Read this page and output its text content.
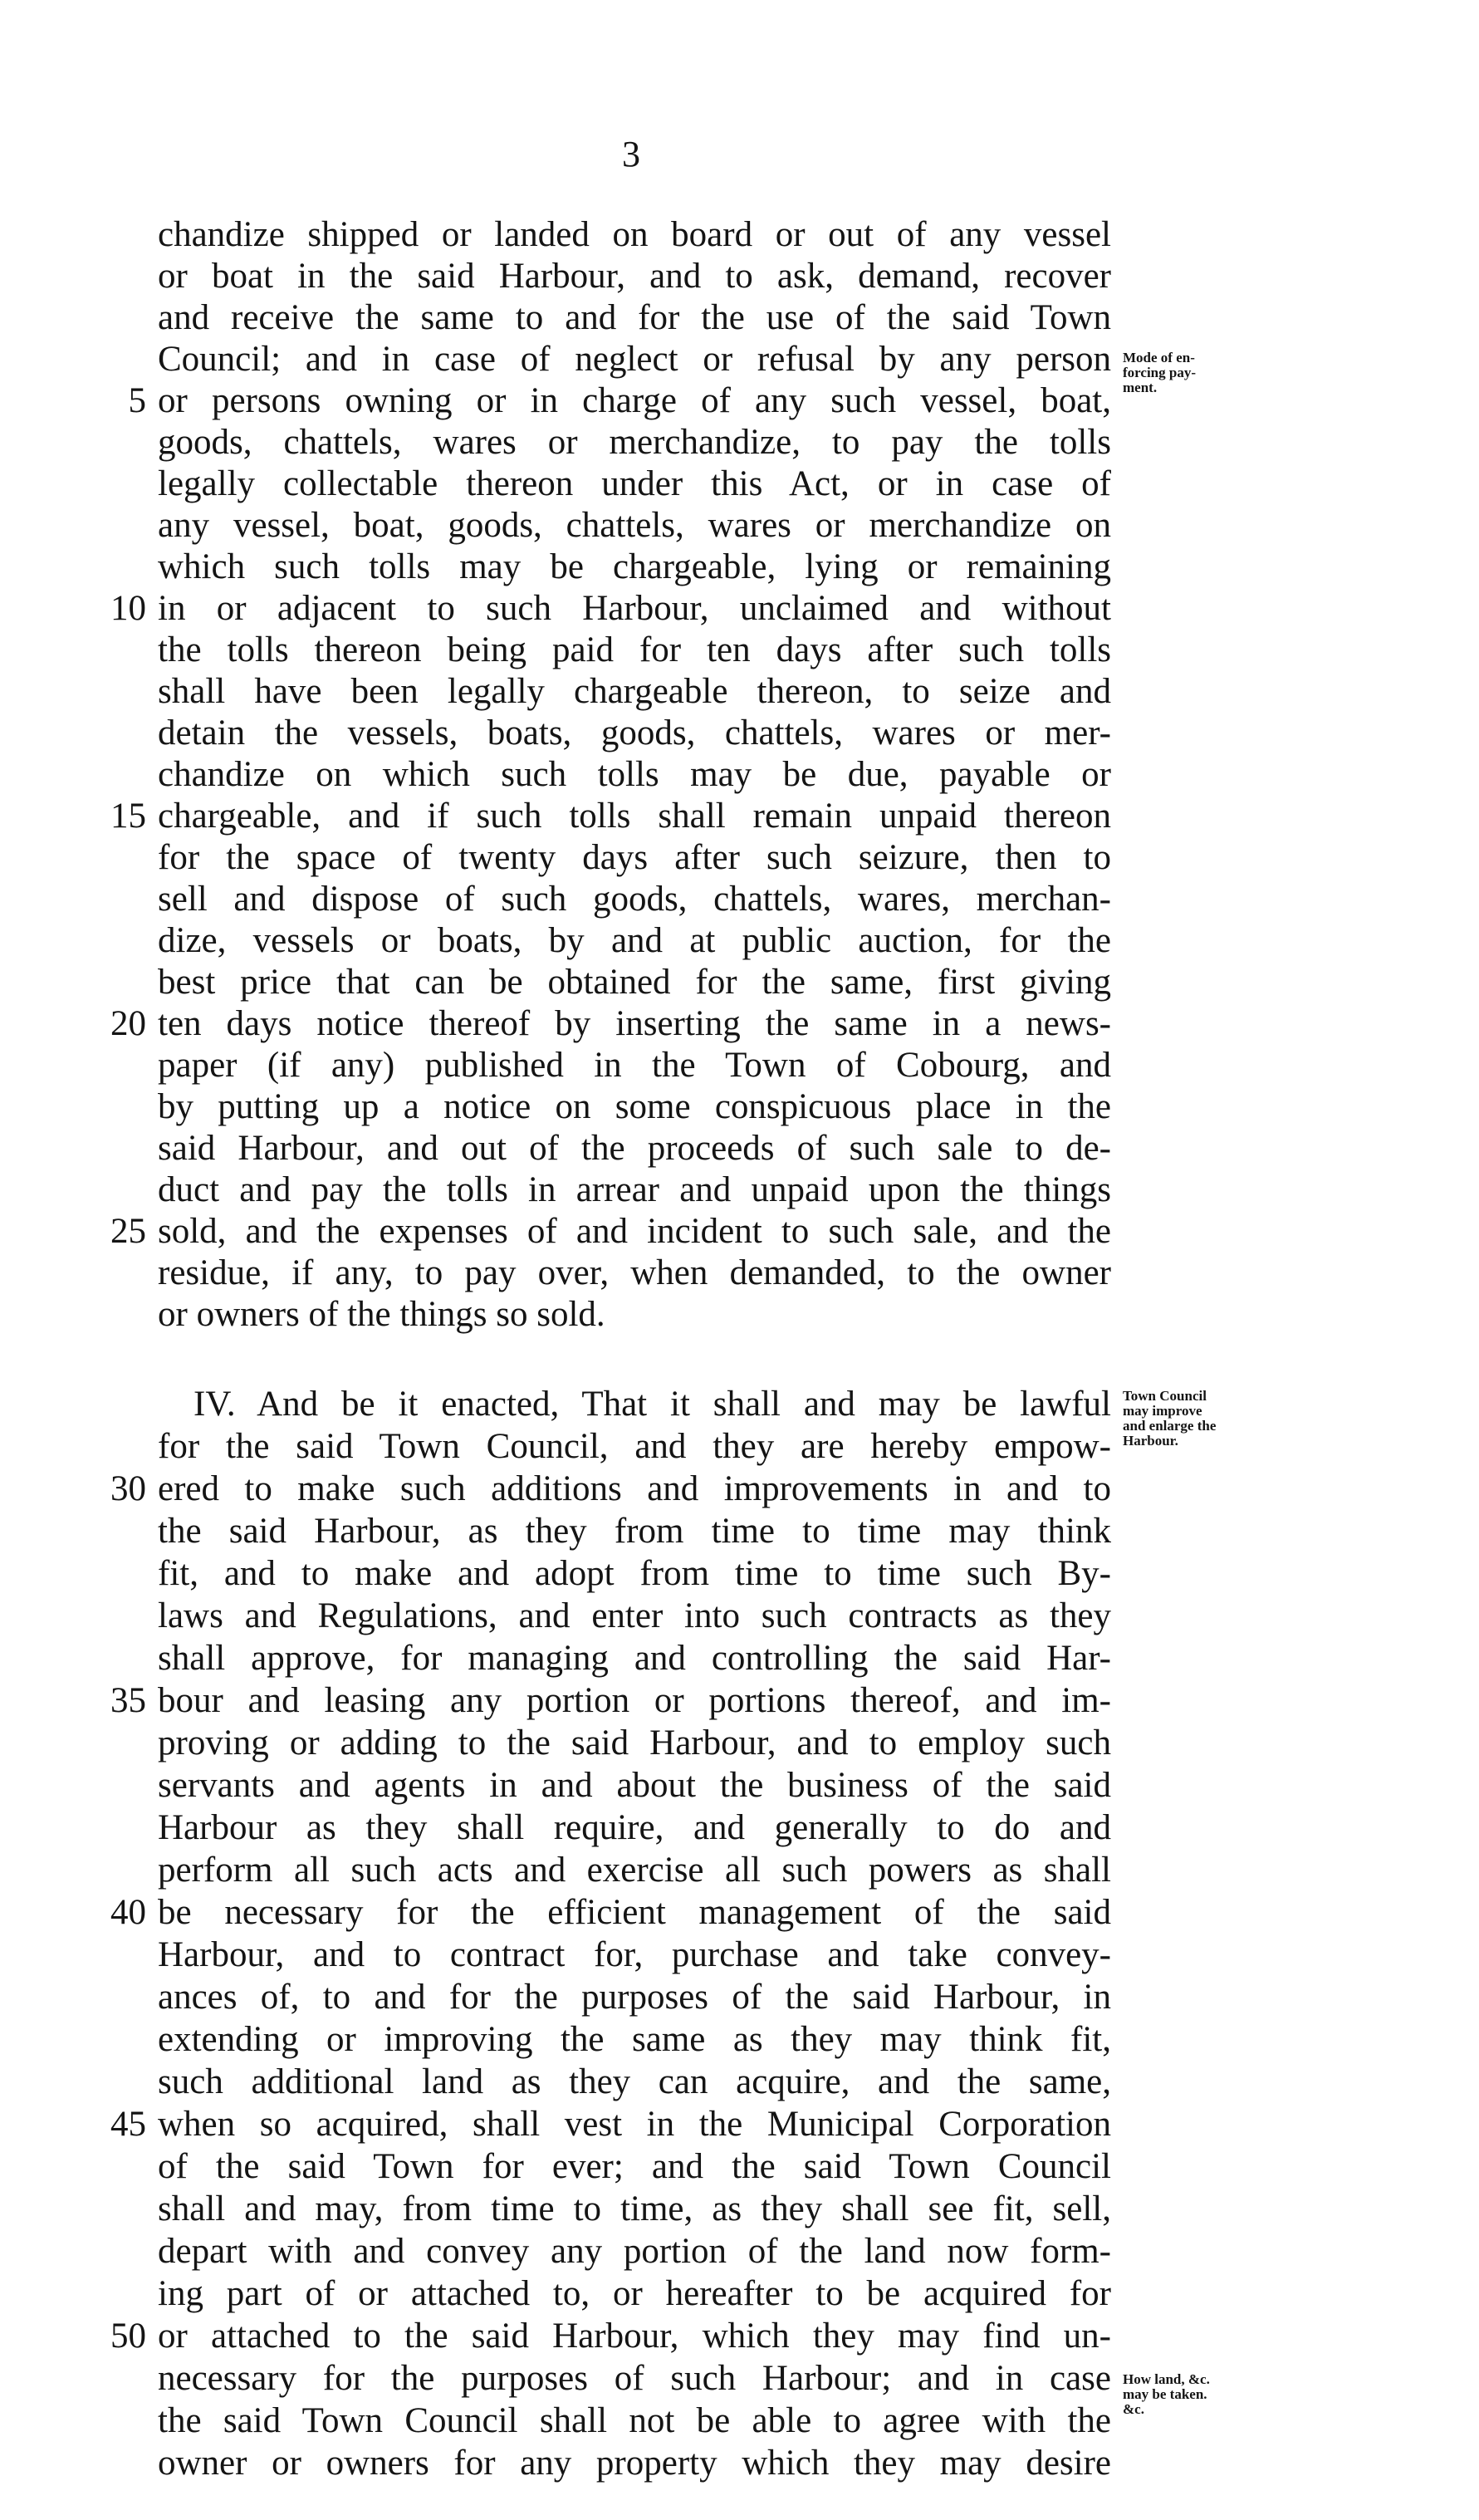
3
chandize shipped or landed on board or out of any vessel
or boat in the said Harbour, and to ask, demand, recover
and receive the same to and for the use of the said Town
Council; and in case of neglect or refusal by any person
or persons owning or in charge of any such vessel, boat,
goods, chattels, wares or merchandize, to pay the tolls
legally collectable thereon under this Act, or in case of
any vessel, boat, goods, chattels, wares or merchandize on
which such tolls may be chargeable, lying or remaining
in or adjacent to such Harbour, unclaimed and without
the tolls thereon being paid for ten days after such tolls
shall have been legally chargeable thereon, to seize and
detain the vessels, boats, goods, chattels, wares or mer-
chandize on which such tolls may be due, payable or
chargeable, and if such tolls shall remain unpaid thereon
for the space of twenty days after such seizure, then to
sell and dispose of such goods, chattels, wares, merchan-
dize, vessels or boats, by and at public auction, for the
best price that can be obtained for the same, first giving
ten days notice thereof by inserting the same in a news-
paper (if any) published in the Town of Cobourg, and
by putting up a notice on some conspicuous place in the
said Harbour, and out of the proceeds of such sale to de-
duct and pay the tolls in arrear and unpaid upon the things
sold, and the expenses of and incident to such sale, and the
residue, if any, to pay over, when demanded, to the owner
or owners of the things so sold.
IV. And be it enacted, That it shall and may be lawful
for the said Town Council, and they are hereby empow-
ered to make such additions and improvements in and to
the said Harbour, as they from time to time may think
fit, and to make and adopt from time to time such By-
laws and Regulations, and enter into such contracts as they
shall approve, for managing and controlling the said Har-
bour and leasing any portion or portions thereof, and im-
proving or adding to the said Harbour, and to employ such
servants and agents in and about the business of the said
Harbour as they shall require, and generally to do and
perform all such acts and exercise all such powers as shall
be necessary for the efficient management of the said
Harbour, and to contract for, purchase and take convey-
ances of, to and for the purposes of the said Harbour, in
extending or improving the same as they may think fit,
such additional land as they can acquire, and the same,
when so acquired, shall vest in the Municipal Corporation
of the said Town for ever; and the said Town Council
shall and may, from time to time, as they shall see fit, sell,
depart with and convey any portion of the land now form-
ing part of or attached to, or hereafter to be acquired for
or attached to the said Harbour, which they may find un-
necessary for the purposes of such Harbour; and in case
the said Town Council shall not be able to agree with the
owner or owners for any property which they may desire
5
10
15
20
25
30
35
40
45
50
Mode of en-
forcing pay-
ment.
Town Council
may improve
and enlarge the
Harbour.
How land, &c.
may be taken.
&c.
